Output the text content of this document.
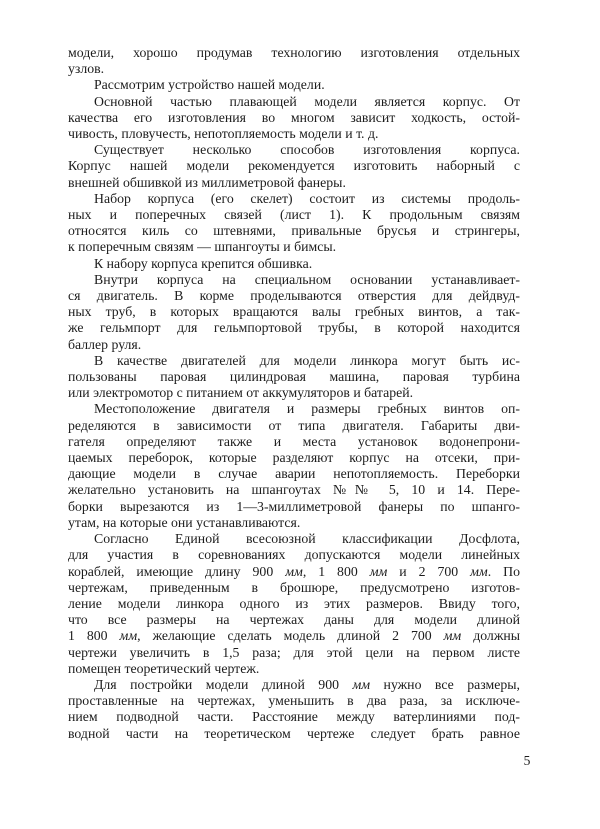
модели, хорошо продумав технологию изготовления отдельных
узлов.
Рассмотрим устройство нашей модели.
Основной частью плавающей модели является корпус. От
качества его изготовления во многом зависит ходкость, остой-
чивость, пловучесть, непотопляемость модели и т. д.
Существует несколько способов изготовления корпуса.
Корпус нашей модели рекомендуется изготовить наборный с
внешней обшивкой из миллиметровой фанеры.
Набор корпуса (его скелет) состоит из системы продоль-
ных и поперечных связей (лист 1). К продольным связям
относятся киль со штевнями, привальные брусья и стрингеры,
к поперечным связям — шпангоуты и бимсы.
К набору корпуса крепится обшивка.
Внутри корпуса на специальном основании устанавливает-
ся двигатель. В корме проделываются отверстия для дейдвуд-
ных труб, в которых вращаются валы гребных винтов, а так-
же гельмпорт для гельмпортовой трубы, в которой находится
баллер руля.
В качестве двигателей для модели линкора могут быть ис-
пользованы паровая цилиндровая машина, паровая турбина
или электромотор с питанием от аккумуляторов и батарей.
Местоположение двигателя и размеры гребных винтов оп-
ределяются в зависимости от типа двигателя. Габариты дви-
гателя определяют также и места установок водонепрони-
цаемых переборок, которые разделяют корпус на отсеки, при-
дающие модели в случае аварии непотопляемость. Переборки
желательно установить на шпангоутах №№ 5, 10 и 14. Пере-
борки вырезаются из 1—3-миллиметровой фанеры по шпанго-
утам, на которые они устанавливаются.
Согласно Единой всесоюзной классификации Досфлота,
для участия в соревнованиях допускаются модели линейных
кораблей, имеющие длину 900 мм, 1 800 мм и 2 700 мм. По
чертежам, приведенным в брошюре, предусмотрено изготов-
ление модели линкора одного из этих размеров. Ввиду того,
что все размеры на чертежах даны для модели длиной
1 800 мм, желающие сделать модель длиной 2 700 мм должны
чертежи увеличить в 1,5 раза; для этой цели на первом листе
помещен теоретический чертеж.
Для постройки модели длиной 900 мм нужно все размеры,
проставленные на чертежах, уменьшить в два раза, за исключе-
нием подводной части. Расстояние между ватерлиниями под-
водной части на теоретическом чертеже следует брать равное
5
